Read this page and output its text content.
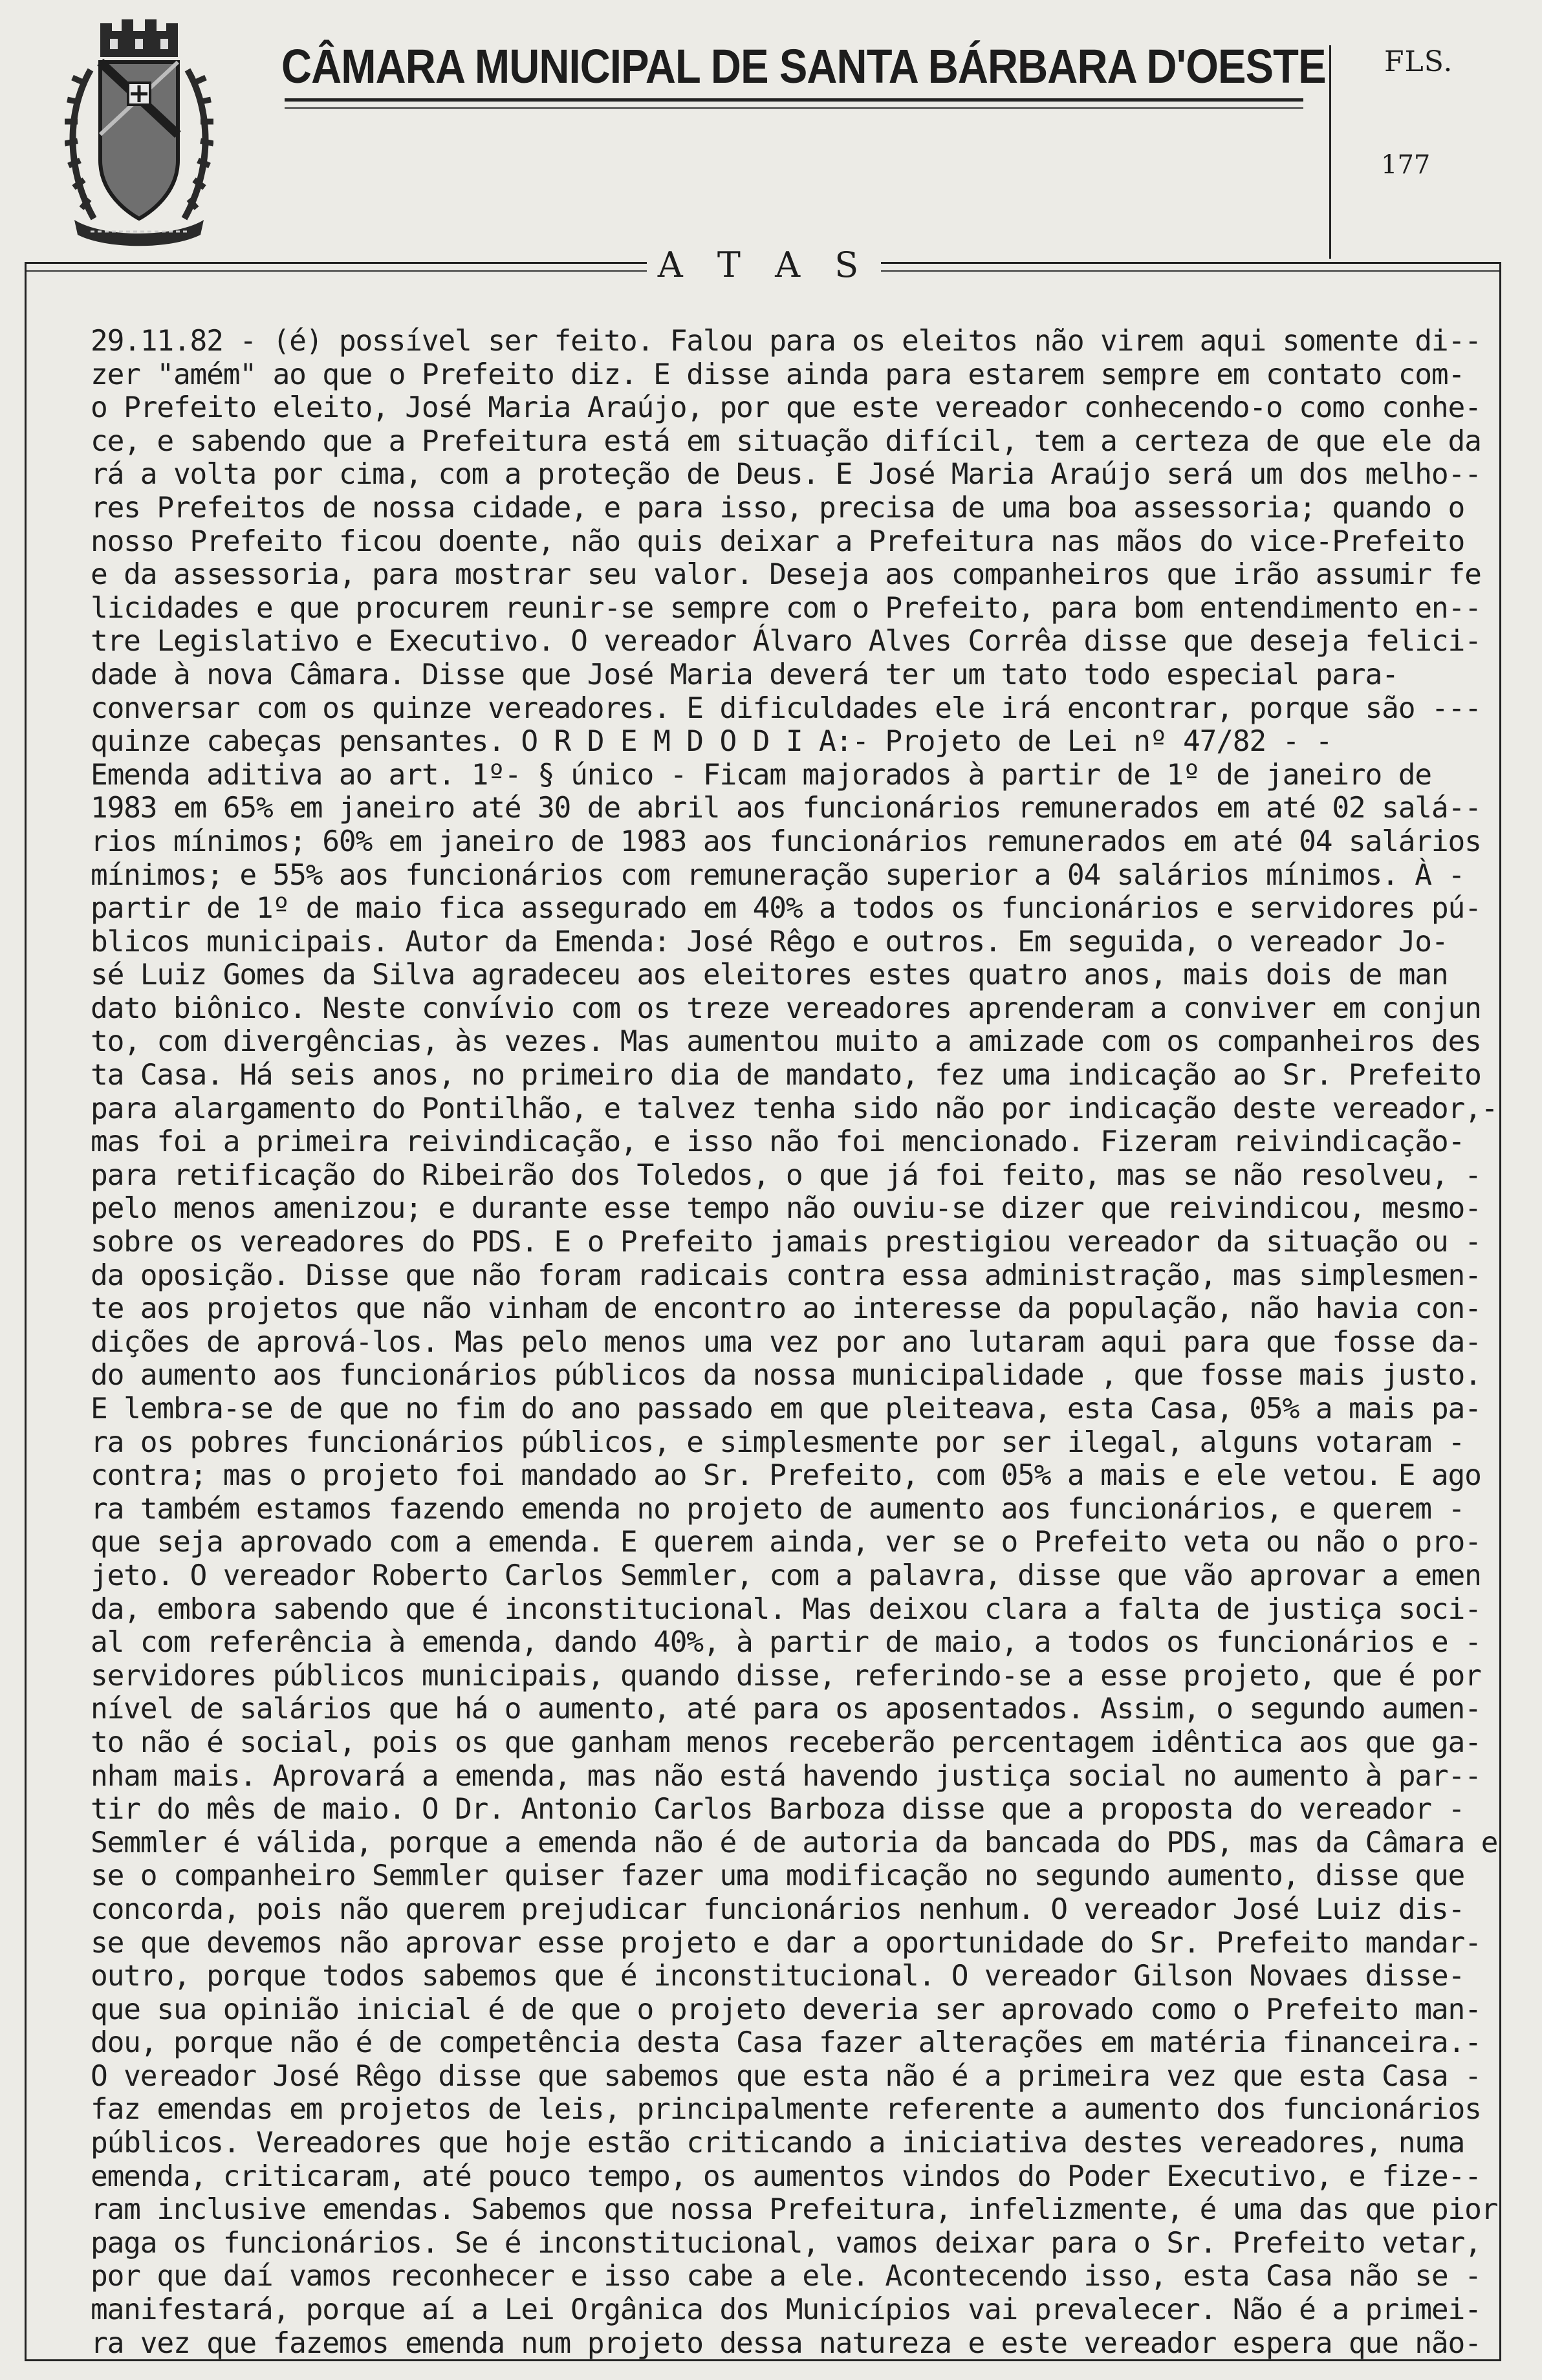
CÂMARA MUNICIPAL DE SANTA BÁRBARA D'OESTE FLS.
177
A T A S
29.11.82 - (é) possível ser feito. Falou para os eleitos não virem aqui somente di--
zer "amém" ao que o Prefeito diz. E disse ainda para estarem sempre em contato com-
o Prefeito eleito, José Maria Araújo, por que este vereador conhecendo-o como conhe-
ce, e sabendo que a Prefeitura está em situação difícil, tem a certeza de que ele da
rá a volta por cima, com a proteção de Deus. E José Maria Araújo será um dos melho--
res Prefeitos de nossa cidade, e para isso, precisa de uma boa assessoria; quando o
nosso Prefeito ficou doente, não quis deixar a Prefeitura nas mãos do vice-Prefeito
e da assessoria, para mostrar seu valor. Deseja aos companheiros que irão assumir fe
licidades e que procurem reunir-se sempre com o Prefeito, para bom entendimento en--
tre Legislativo e Executivo. O vereador Álvaro Alves Corrêa disse que deseja felici-
dade à nova Câmara. Disse que José Maria deverá ter um tato todo especial para-
conversar com os quinze vereadores. E dificuldades ele irá encontrar, porque são ---
quinze cabeças pensantes. O R D E M D O D I A:- Projeto de Lei nº 47/82 - -
Emenda aditiva ao art. 1º- § único - Ficam majorados à partir de 1º de janeiro de
1983 em 65% em janeiro até 30 de abril aos funcionários remunerados em até 02 salá--
rios mínimos; 60% em janeiro de 1983 aos funcionários remunerados em até 04 salários
mínimos; e 55% aos funcionários com remuneração superior a 04 salários mínimos. À -
partir de 1º de maio fica assegurado em 40% a todos os funcionários e servidores pú-
blicos municipais. Autor da Emenda: José Rêgo e outros. Em seguida, o vereador Jo-
sé Luiz Gomes da Silva agradeceu aos eleitores estes quatro anos, mais dois de man
dato biônico. Neste convívio com os treze vereadores aprenderam a conviver em conjun
to, com divergências, às vezes. Mas aumentou muito a amizade com os companheiros des
ta Casa. Há seis anos, no primeiro dia de mandato, fez uma indicação ao Sr. Prefeito
para alargamento do Pontilhão, e talvez tenha sido não por indicação deste vereador,-
mas foi a primeira reivindicação, e isso não foi mencionado. Fizeram reivindicação-
para retificação do Ribeirão dos Toledos, o que já foi feito, mas se não resolveu, -
pelo menos amenizou; e durante esse tempo não ouviu-se dizer que reivindicou, mesmo-
sobre os vereadores do PDS. E o Prefeito jamais prestigiou vereador da situação ou -
da oposição. Disse que não foram radicais contra essa administração, mas simplesmen-
te aos projetos que não vinham de encontro ao interesse da população, não havia con-
dições de aprová-los. Mas pelo menos uma vez por ano lutaram aqui para que fosse da-
do aumento aos funcionários públicos da nossa municipalidade , que fosse mais justo.
E lembra-se de que no fim do ano passado em que pleiteava, esta Casa, 05% a mais pa-
ra os pobres funcionários públicos, e simplesmente por ser ilegal, alguns votaram -
contra; mas o projeto foi mandado ao Sr. Prefeito, com 05% a mais e ele vetou. E ago
ra também estamos fazendo emenda no projeto de aumento aos funcionários, e querem -
que seja aprovado com a emenda. E querem ainda, ver se o Prefeito veta ou não o pro-
jeto. O vereador Roberto Carlos Semmler, com a palavra, disse que vão aprovar a emen
da, embora sabendo que é inconstitucional. Mas deixou clara a falta de justiça soci-
al com referência à emenda, dando 40%, à partir de maio, a todos os funcionários e -
servidores públicos municipais, quando disse, referindo-se a esse projeto, que é por
nível de salários que há o aumento, até para os aposentados. Assim, o segundo aumen-
to não é social, pois os que ganham menos receberão percentagem idêntica aos que ga-
nham mais. Aprovará a emenda, mas não está havendo justiça social no aumento à par--
tir do mês de maio. O Dr. Antonio Carlos Barboza disse que a proposta do vereador -
Semmler é válida, porque a emenda não é de autoria da bancada do PDS, mas da Câmara e
se o companheiro Semmler quiser fazer uma modificação no segundo aumento, disse que
concorda, pois não querem prejudicar funcionários nenhum. O vereador José Luiz dis-
se que devemos não aprovar esse projeto e dar a oportunidade do Sr. Prefeito mandar-
outro, porque todos sabemos que é inconstitucional. O vereador Gilson Novaes disse-
que sua opinião inicial é de que o projeto deveria ser aprovado como o Prefeito man-
dou, porque não é de competência desta Casa fazer alterações em matéria financeira.-
O vereador José Rêgo disse que sabemos que esta não é a primeira vez que esta Casa -
faz emendas em projetos de leis, principalmente referente a aumento dos funcionários
públicos. Vereadores que hoje estão criticando a iniciativa destes vereadores, numa
emenda, criticaram, até pouco tempo, os aumentos vindos do Poder Executivo, e fize--
ram inclusive emendas. Sabemos que nossa Prefeitura, infelizmente, é uma das que pior
paga os funcionários. Se é inconstitucional, vamos deixar para o Sr. Prefeito vetar,
por que daí vamos reconhecer e isso cabe a ele. Acontecendo isso, esta Casa não se -
manifestará, porque aí a Lei Orgânica dos Municípios vai prevalecer. Não é a primei-
ra vez que fazemos emenda num projeto dessa natureza e este vereador espera que não-
